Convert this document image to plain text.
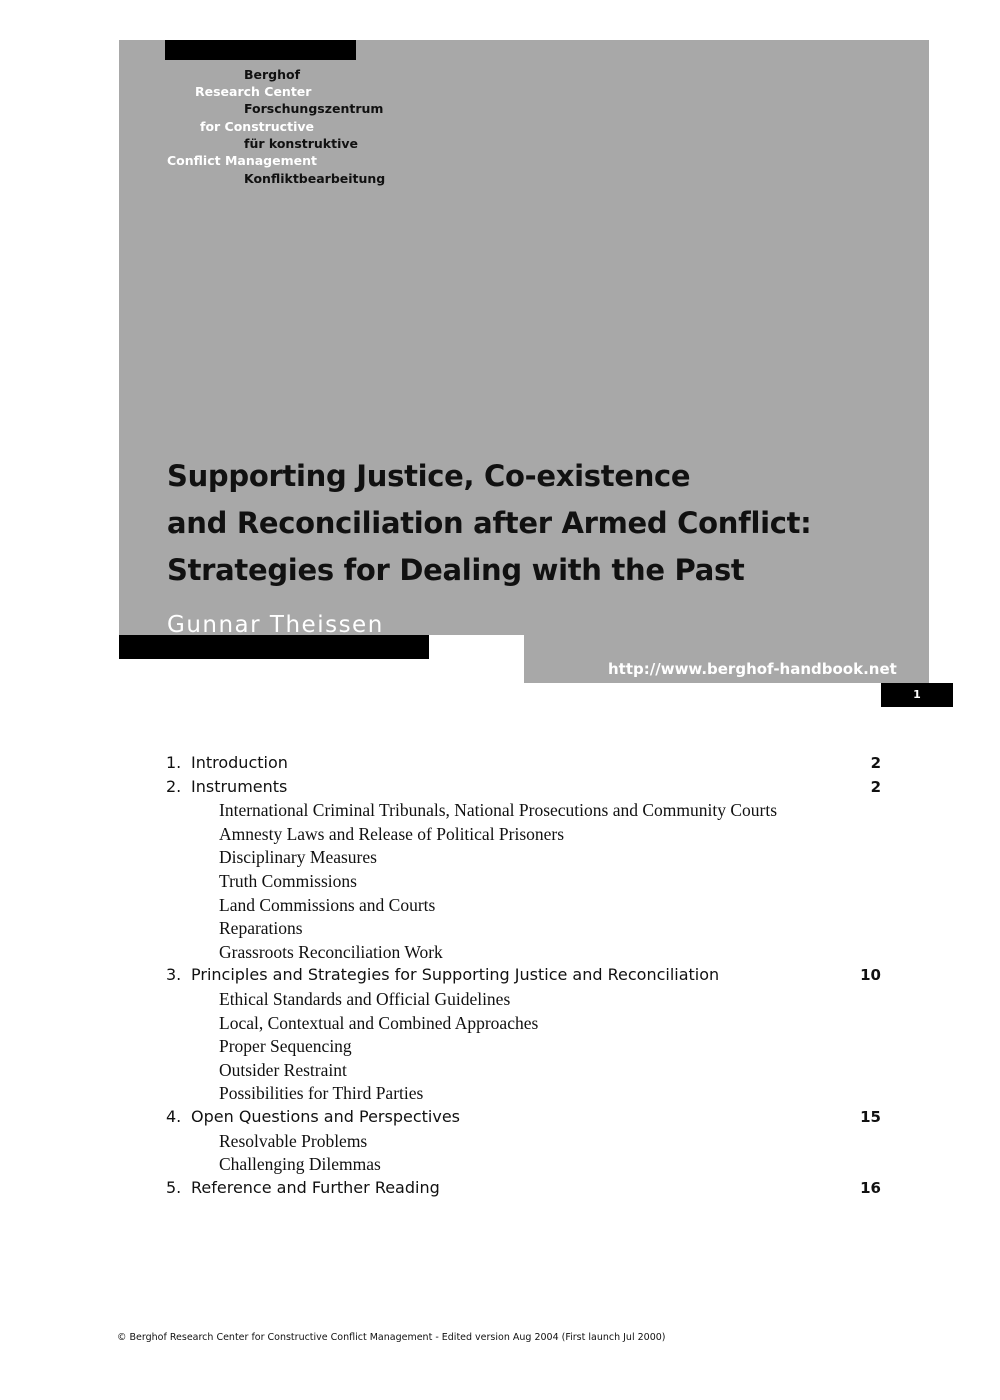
Berghof
Research Center
Forschungszentrum
for Constructive
für konstruktive
Conflict Management
Konfliktbearbeitung
Supporting Justice, Co-existence
and Reconciliation after Armed Conflict:
Strategies for Dealing with the Past
Gunnar Theissen
http://www.berghof-handbook.net
1
1. Introduction	2
2. Instruments	2
International Criminal Tribunals, National Prosecutions and Community Courts
Amnesty Laws and Release of Political Prisoners
Disciplinary Measures
Truth Commissions
Land Commissions and Courts
Reparations
Grassroots Reconciliation Work
3. Principles and Strategies for Supporting Justice and Reconciliation	10
Ethical Standards and Official Guidelines
Local, Contextual and Combined Approaches
Proper Sequencing
Outsider Restraint
Possibilities for Third Parties
4. Open Questions and Perspectives	15
Resolvable Problems
Challenging Dilemmas
5. Reference and Further Reading	16
© Berghof Research Center for Constructive Conflict Management - Edited version Aug 2004 (First launch Jul 2000)
